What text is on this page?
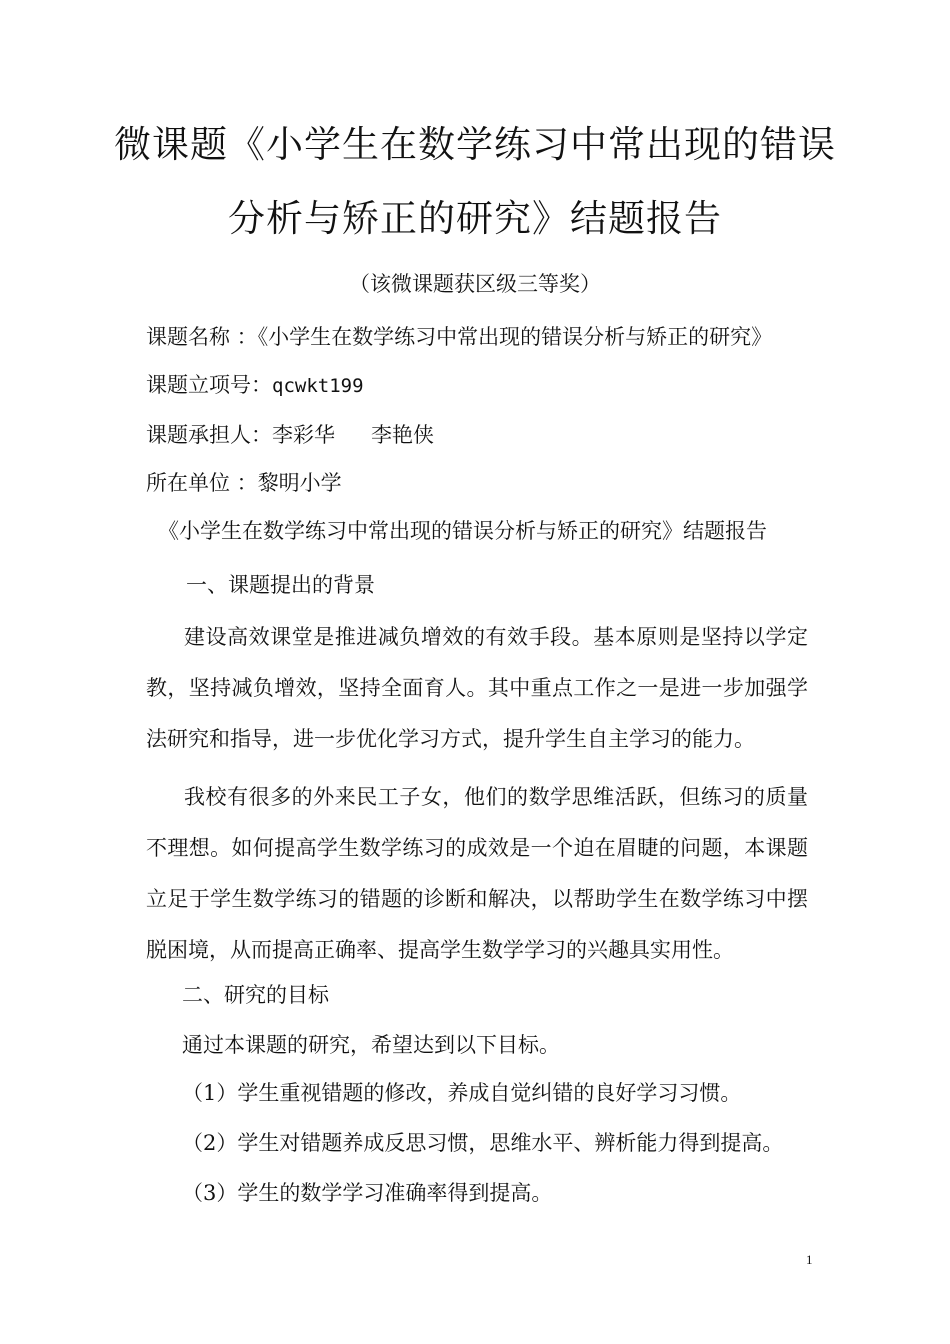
微课题《小学生在数学练习中常出现的错误
分析与矫正的研究》结题报告
（该微课题获区级三等奖）
课题名称 ：《小学生在数学练习中常出现的错误分析与矫正的研究》
课题立项号：qcwkt199
课题承担人：李彩华 李艳侠
所在单位 ：黎明小学
《小学生在数学练习中常出现的错误分析与矫正的研究》结题报告
一、课题提出的背景

建设高效课堂是推进减负增效的有效手段。基本原则是坚持以学定教，坚持减负增效，坚持全面育人。其中重点工作之一是进一步加强学法研究和指导，进一步优化学习方式，提升学生自主学习的能力。

我校有很多的外来民工子女，他们的数学思维活跃，但练习的质量不理想。如何提高学生数学练习的成效是一个迫在眉睫的问题，本课题立足于学生数学练习的错题的诊断和解决，以帮助学生在数学练习中摆脱困境，从而提高正确率、提高学生数学学习的兴趣具实用性。

二、研究的目标
通过本课题的研究，希望达到以下目标。
（1）学生重视错题的修改，养成自觉纠错的良好学习习惯。
（2）学生对错题养成反思习惯，思维水平、辨析能力得到提高。
（3）学生的数学学习准确率得到提高。
1
